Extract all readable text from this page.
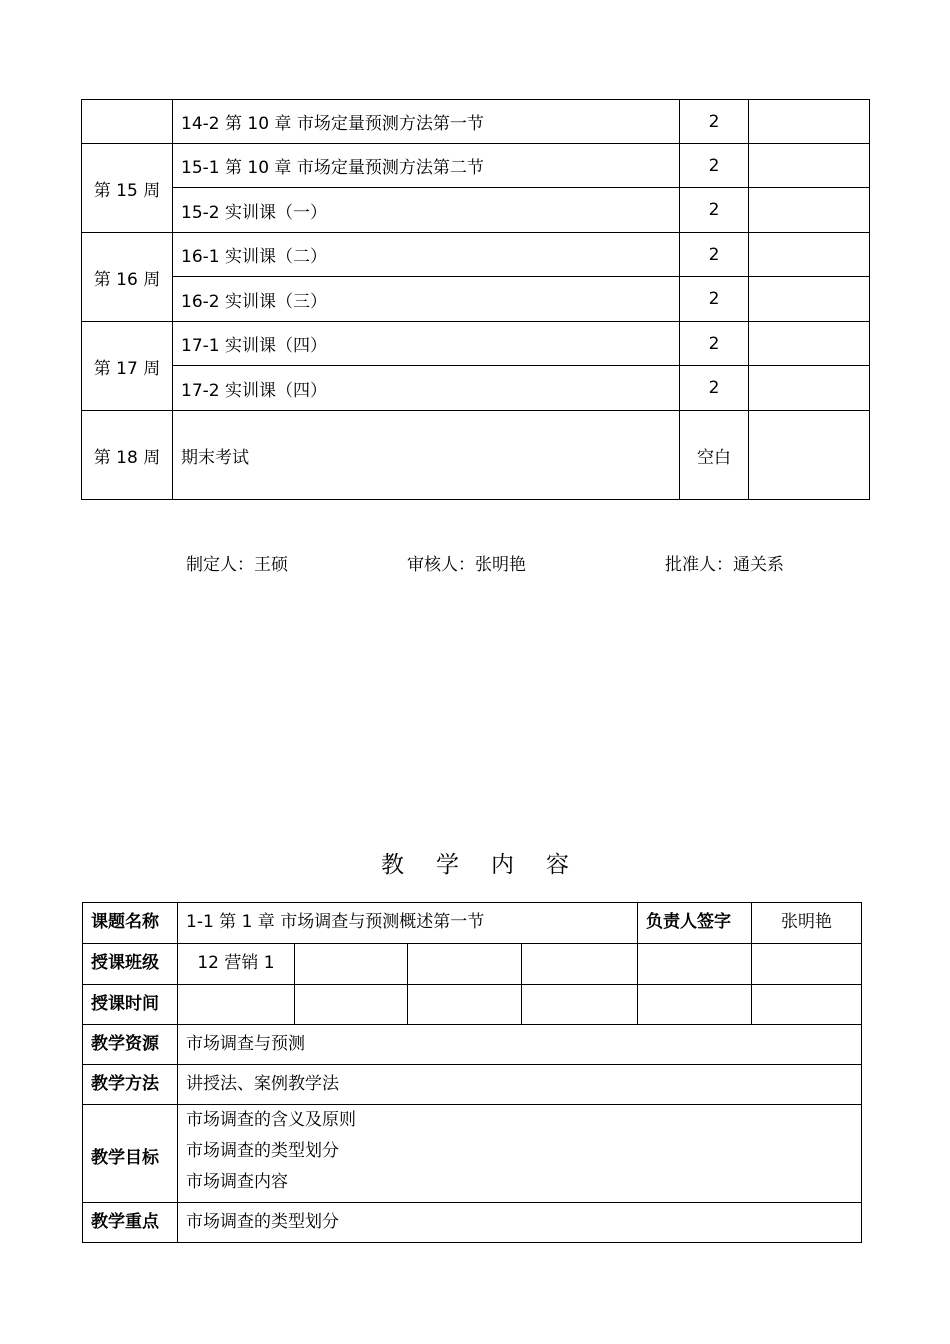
	14-2 第 10 章 市场定量预测方法第一节	2	
第 15 周	15-1 第 10 章 市场定量预测方法第二节	2	
	15-2 实训课（一）	2	
第 16 周	16-1 实训课（二）	2	
	16-2 实训课（三）	2	
第 17 周	17-1 实训课（四）	2	
	17-2 实训课（四）	2	
第 18 周	期末考试	空白	
制定人：王硕	审核人：张明艳	批准人：通关系
教学内容
课题名称	1-1 第 1 章 市场调查与预测概述第一节				负责人签字	张明艳
授课班级	12 营销 1					
授课时间						
教学资源	市场调查与预测					
教学方法	讲授法、案例教学法					
教学目标	市场调查的含义及原则
市场调查的类型划分
市场调查内容					

教学重点	市场调查的类型划分					
